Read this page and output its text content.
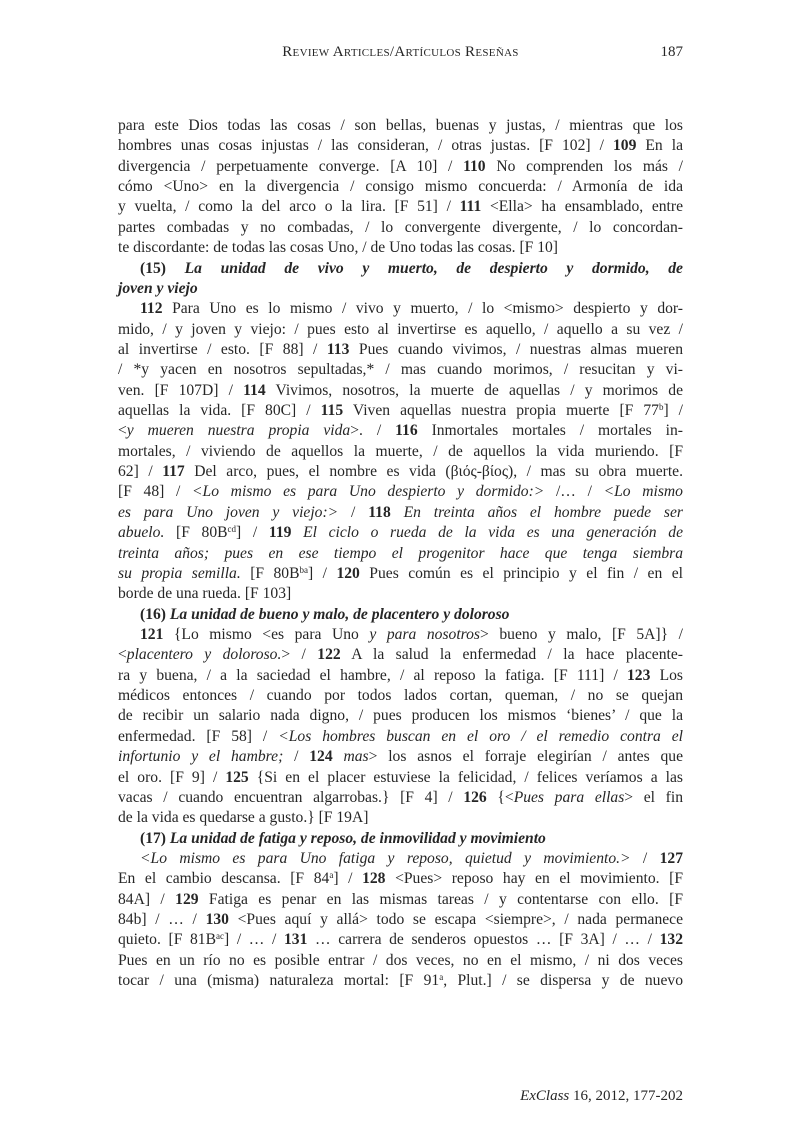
Review Articles/Artículos Reseñas	187
para este Dios todas las cosas / son bellas, buenas y justas, / mientras que los
hombres unas cosas injustas / las consideran, / otras justas. [F 102] / 109 En la
divergencia / perpetuamente converge. [A 10] / 110 No comprenden los más /
cómo <Uno> en la divergencia / consigo mismo concuerda: / Armonía de ida
y vuelta, / como la del arco o la lira. [F 51] / 111 <Ella> ha ensamblado, entre
partes combadas y no combadas, / lo convergente divergente, / lo concordan-
te discordante: de todas las cosas Uno, / de Uno todas las cosas. [F 10]
(15) La unidad de vivo y muerto, de despierto y dormido, de
joven y viejo
112 Para Uno es lo mismo / vivo y muerto, / lo <mismo> despierto y dor-
mido, / y joven y viejo: / pues esto al invertirse es aquello, / aquello a su vez /
al invertirse / esto. [F 88] / 113 Pues cuando vivimos, / nuestras almas mueren
/ *y yacen en nosotros sepultadas,* / mas cuando morimos, / resucitan y vi-
ven. [F 107D] / 114 Vivimos, nosotros, la muerte de aquellas / y morimos de
aquellas la vida. [F 80C] / 115 Viven aquellas nuestra propia muerte [F 77$^b$] /
<y mueren nuestra propia vida>. / 116 Inmortales mortales / mortales in-
mortales, / viviendo de aquellos la muerte, / de aquellos la vida muriendo. [F
62] / 117 Del arco, pues, el nombre es vida (βιός-βίος), / mas su obra muerte.
[F 48] / <Lo mismo es para Uno despierto y dormido:> /… / <Lo mismo
es para Uno joven y viejo:> / 118 En treinta años el hombre puede ser
abuelo. [F $80B^{cd}] / 119$ El ciclo o rueda de la vida es una generación de
treinta años; pues en ese tiempo el progenitor hace que tenga siembra
su propia semilla. [F $80B^{ba}] / 120$ Pues común es el principio y el fin / en el
borde de una rueda. [F 103]
(16) La unidad de bueno y malo, de placentero y doloroso
121 {Lo mismo <es para Uno y para nosotros> bueno y malo, [F 5A]} /
<placentero y doloroso.> / 122 A la salud la enfermedad / la hace placente-
ra y buena, / a la saciedad el hambre, / al reposo la fatiga. [F 111] / 123 Los
médicos entonces / cuando por todos lados cortan, queman, / no se quejan
de recibir un salario nada digno, / pues producen los mismos ‘bienes’ / que la
enfermedad. [F 58] / <Los hombres buscan en el oro / el remedio contra el
infortunio y el hambre; / 124 mas> los asnos el forraje elegirían / antes que
el oro. [F 9] / 125 {Si en el placer estuviese la felicidad, / felices veríamos a las
vacas / cuando encuentran algarrobas.} [F 4] / 126 {<Pues para ellas> el fin
de la vida es quedarse a gusto.} [F 19A]
(17) La unidad de fatiga y reposo, de inmovilidad y movimiento
<Lo mismo es para Uno fatiga y reposo, quietud y movimiento.> / 127
En el cambio descansa. [F 84$^a$] / 128 <Pues> reposo hay en el movimiento. [F
84A] / 129 Fatiga es penar en las mismas tareas / y contentarse con ello. [F
84b] / … / 130 <Pues aquí y allá> todo se escapa <siempre>, / nada permanece
quieto. [F $81B^{ac}$] / … / 131 … carrera de senderos opuestos … [F 3A] / … / 132
Pues en un río no es posible entrar / dos veces, no en el mismo, / ni dos veces
tocar / una (misma) naturaleza mortal: [F 91$^a$, Plut.] / se dispersa y de nuevo
ExClass 16, 2012, 177-202
